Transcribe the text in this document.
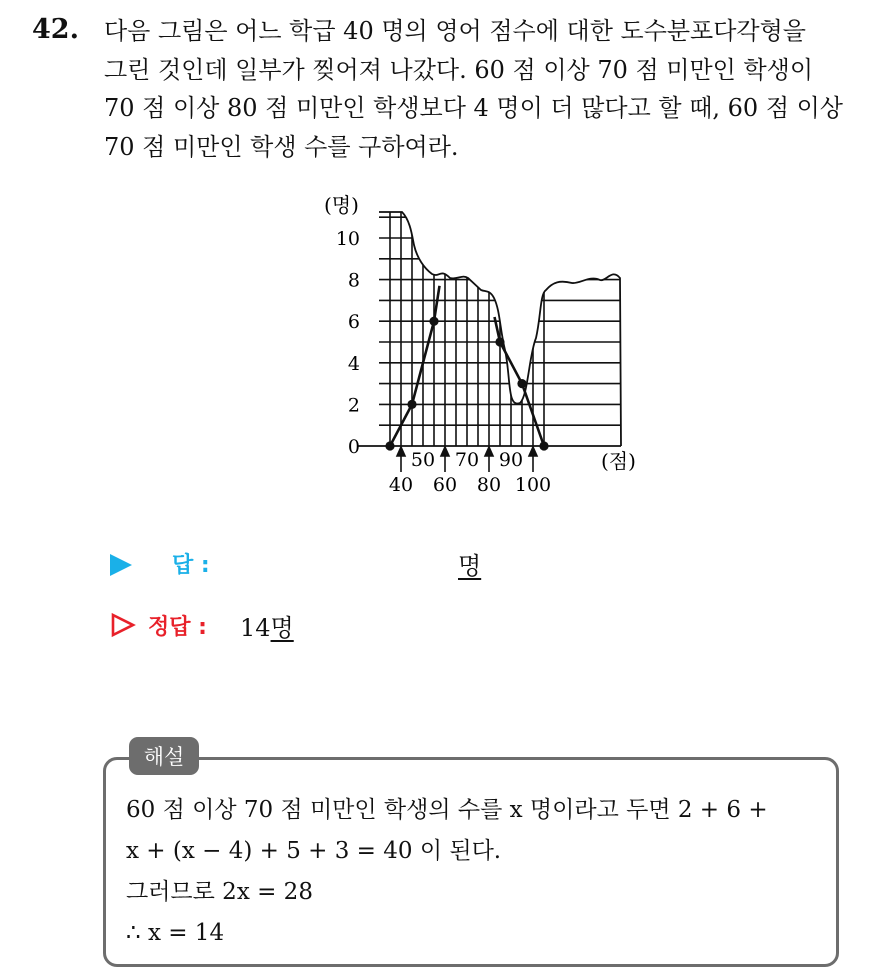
42. 다음 그림은 어느 학급 40 명의 영어 점수에 대한 도수분포다각형을
그린 것인데 일부가 찢어져 나갔다. 60 점 이상 70 점 미만인 학생이
70 점 이상 80 점 미만인 학생보다 4 명이 더 많다고 할 때, 60 점 이상
70 점 미만인 학생 수를 구하여라.
(명)
(점)
0
2
4
6
8
10
50 70 90
40 60 80 100
답 :	명
정답 : 14명
해설
60 점 이상 70 점 미만인 학생의 수를 x 명이라고 두면 2 + 6 +
x + (x − 4) + 5 + 3 = 40 이 된다.
그러므로 2x = 28
∴ x = 14
